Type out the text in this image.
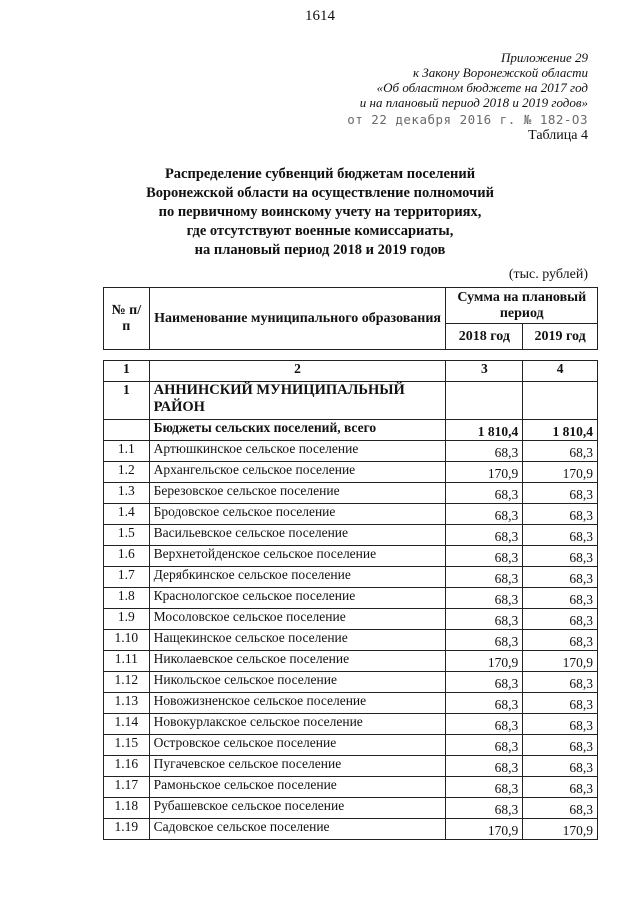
1614
Приложение 29
к Закону Воронежской области
«Об областном бюджете на 2017 год
и на плановый период 2018 и 2019 годов»
от 22 декабря 2016 г. № 182-ОЗ
Таблица 4
Распределение субвенций бюджетам поселений
Воронежской области на осуществление полномочий
по первичному воинскому учету на территориях,
где отсутствуют военные комиссариаты,
на плановый период 2018 и 2019 годов
(тыс. рублей)
№ п/п	Наименование муниципального образования	Сумма на плановый период	
		2018 год	2019 год

1	2	3	4
1	АННИНСКИЙ МУНИЦИПАЛЬНЫЙ РАЙОН		
	Бюджеты сельских поселений, всего	1 810,4	1 810,4
1.1	Артюшкинское сельское поселение	68,3	68,3
1.2	Архангельское сельское поселение	170,9	170,9
1.3	Березовское сельское поселение	68,3	68,3
1.4	Бродовское сельское поселение	68,3	68,3
1.5	Васильевское сельское поселение	68,3	68,3
1.6	Верхнетойденское сельское поселение	68,3	68,3
1.7	Дерябкинское сельское поселение	68,3	68,3
1.8	Краснологское сельское поселение	68,3	68,3
1.9	Мосоловское сельское поселение	68,3	68,3
1.10	Нащекинское сельское поселение	68,3	68,3
1.11	Николаевское сельское поселение	170,9	170,9
1.12	Никольское сельское поселение	68,3	68,3
1.13	Новожизненское сельское поселение	68,3	68,3
1.14	Новокурлакское сельское поселение	68,3	68,3
1.15	Островское сельское поселение	68,3	68,3
1.16	Пугачевское сельское поселение	68,3	68,3
1.17	Рамоньское сельское поселение	68,3	68,3
1.18	Рубашевское сельское поселение	68,3	68,3
1.19	Садовское сельское поселение	170,9	170,9
